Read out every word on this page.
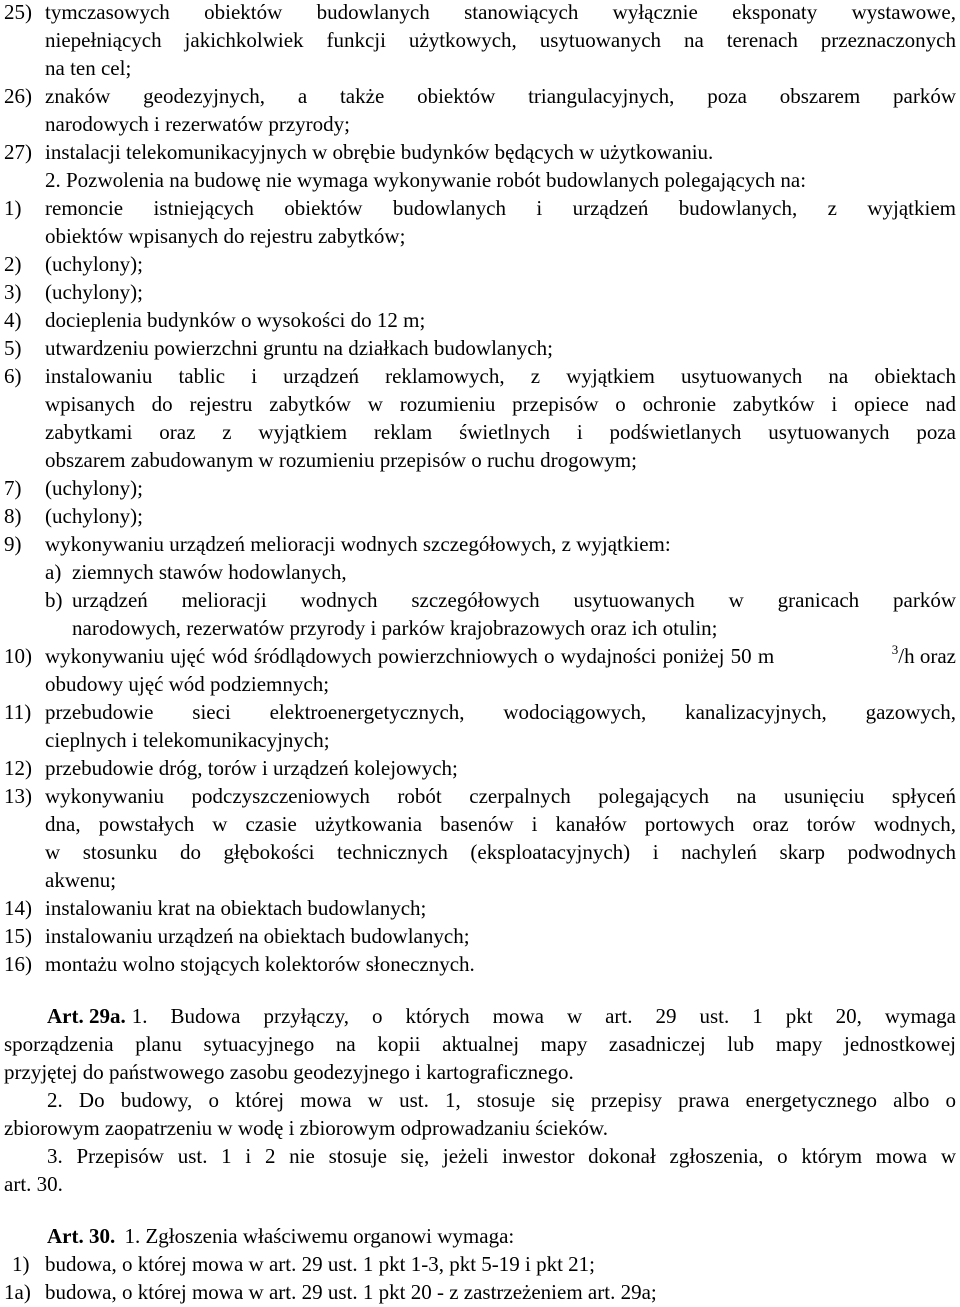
25) tymczasowych obiektów budowlanych stanowiących wyłącznie eksponaty wystawowe,
niepełniących jakichkolwiek funkcji użytkowych, usytuowanych na terenach przeznaczonych
na ten cel;
26) znaków geodezyjnych, a także obiektów triangulacyjnych, poza obszarem parków
narodowych i rezerwatów przyrody;
27) instalacji telekomunikacyjnych w obrębie budynków będących w użytkowaniu.
2. Pozwolenia na budowę nie wymaga wykonywanie robót budowlanych polegających na:
1) remoncie istniejących obiektów budowlanych i urządzeń budowlanych, z wyjątkiem
obiektów wpisanych do rejestru zabytków;
2) (uchylony);
3) (uchylony);
4) docieplenia budynków o wysokości do 12 m;
5) utwardzeniu powierzchni gruntu na działkach budowlanych;
6) instalowaniu tablic i urządzeń reklamowych, z wyjątkiem usytuowanych na obiektach
wpisanych do rejestru zabytków w rozumieniu przepisów o ochronie zabytków i opiece nad
zabytkami oraz z wyjątkiem reklam świetlnych i podświetlanych usytuowanych poza
obszarem zabudowanym w rozumieniu przepisów o ruchu drogowym;
7) (uchylony);
8) (uchylony);
9) wykonywaniu urządzeń melioracji wodnych szczegółowych, z wyjątkiem:
a) ziemnych stawów hodowlanych,
b) urządzeń melioracji wodnych szczegółowych usytuowanych w granicach parków
narodowych, rezerwatów przyrody i parków krajobrazowych oraz ich otulin;
10) wykonywaniu ujęć wód śródlądowych powierzchniowych o wydajności poniżej 50 m	$^3$/h oraz
obudowy ujęć wód podziemnych;
11) przebudowie sieci elektroenergetycznych, wodociągowych, kanalizacyjnych, gazowych,
cieplnych i telekomunikacyjnych;
12) przebudowie dróg, torów i urządzeń kolejowych;
13) wykonywaniu podczyszczeniowych robót czerpalnych polegających na usunięciu spłyceń
dna, powstałych w czasie użytkowania basenów i kanałów portowych oraz torów wodnych,
w stosunku do głębokości technicznych (eksploatacyjnych) i nachyleń skarp podwodnych
akwenu;
14) instalowaniu krat na obiektach budowlanych;
15) instalowaniu urządzeń na obiektach budowlanych;
16) montażu wolno stojących kolektorów słonecznych.
Art. 29a. 1. Budowa przyłączy, o których mowa w art. 29 ust. 1 pkt 20, wymaga
sporządzenia planu sytuacyjnego na kopii aktualnej mapy zasadniczej lub mapy jednostkowej
przyjętej do państwowego zasobu geodezyjnego i kartograficznego.
2. Do budowy, o której mowa w ust. 1, stosuje się przepisy prawa energetycznego albo o
zbiorowym zaopatrzeniu w wodę i zbiorowym odprowadzaniu ścieków.
3. Przepisów ust. 1 i 2 nie stosuje się, jeżeli inwestor dokonał zgłoszenia, o którym mowa w
art. 30.
Art. 30. 1. Zgłoszenia właściwemu organowi wymaga:
1) budowa, o której mowa w art. 29 ust. 1 pkt 1-3, pkt 5-19 i pkt 21;
1a) budowa, o której mowa w art. 29 ust. 1 pkt 20 - z zastrzeżeniem art. 29a;
